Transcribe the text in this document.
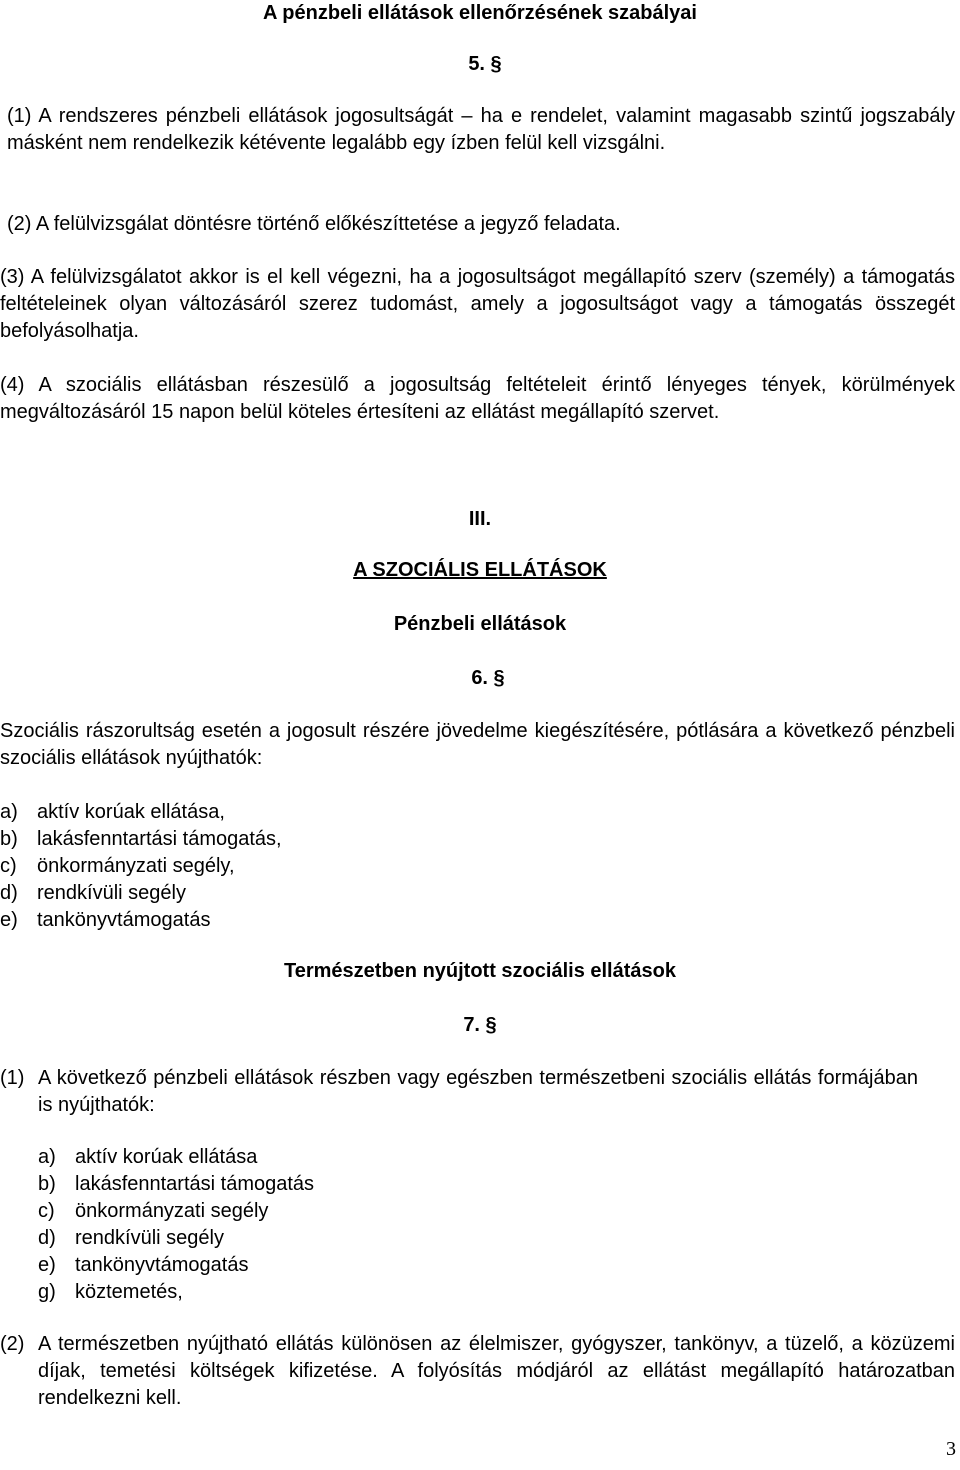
A pénzbeli ellátások ellenőrzésének szabályai
5. §

(1) A rendszeres pénzbeli ellátások jogosultságát – ha e rendelet, valamint magasabb szintű jogszabály másként nem rendelkezik kétévente legalább egy ízben felül kell vizsgálni.

(2) A felülvizsgálat döntésre történő előkészíttetése a jegyző feladata.

(3) A felülvizsgálatot akkor is el kell végezni, ha a jogosultságot megállapító szerv (személy) a támogatás feltételeinek olyan változásáról szerez tudomást, amely a jogosultságot vagy a támogatás összegét befolyásolhatja.

(4) A szociális ellátásban részesülő a jogosultság feltételeit érintő lényeges tények, körülmények megváltozásáról 15 napon belül köteles értesíteni az ellátást megállapító szervet.

III.
A SZOCIÁLIS ELLÁTÁSOK
Pénzbeli ellátások
6. §

Szociális rászorultság esetén a jogosult részére jövedelme kiegészítésére, pótlására a következő pénzbeli szociális ellátások nyújthatók:

a) aktív korúak ellátása,
b) lakásfenntartási támogatás,
c) önkormányzati segély,
d) rendkívüli segély
e) tankönyvtámogatás
Természetben nyújtott szociális ellátások
7. §
(1) A következő pénzbeli ellátások részben vagy egészben természetbeni szociális ellátás formájában is nyújthatók:

a) aktív korúak ellátása
b) lakásfenntartási támogatás
c) önkormányzati segély
d) rendkívüli segély
e) tankönyvtámogatás
g) köztemetés,
(2) A természetben nyújtható ellátás különösen az élelmiszer, gyógyszer, tankönyv, a tüzelő, a közüzemi díjak, temetési költségek kifizetése. A folyósítás módjáról az ellátást megállapító határozatban rendelkezni kell.

3
